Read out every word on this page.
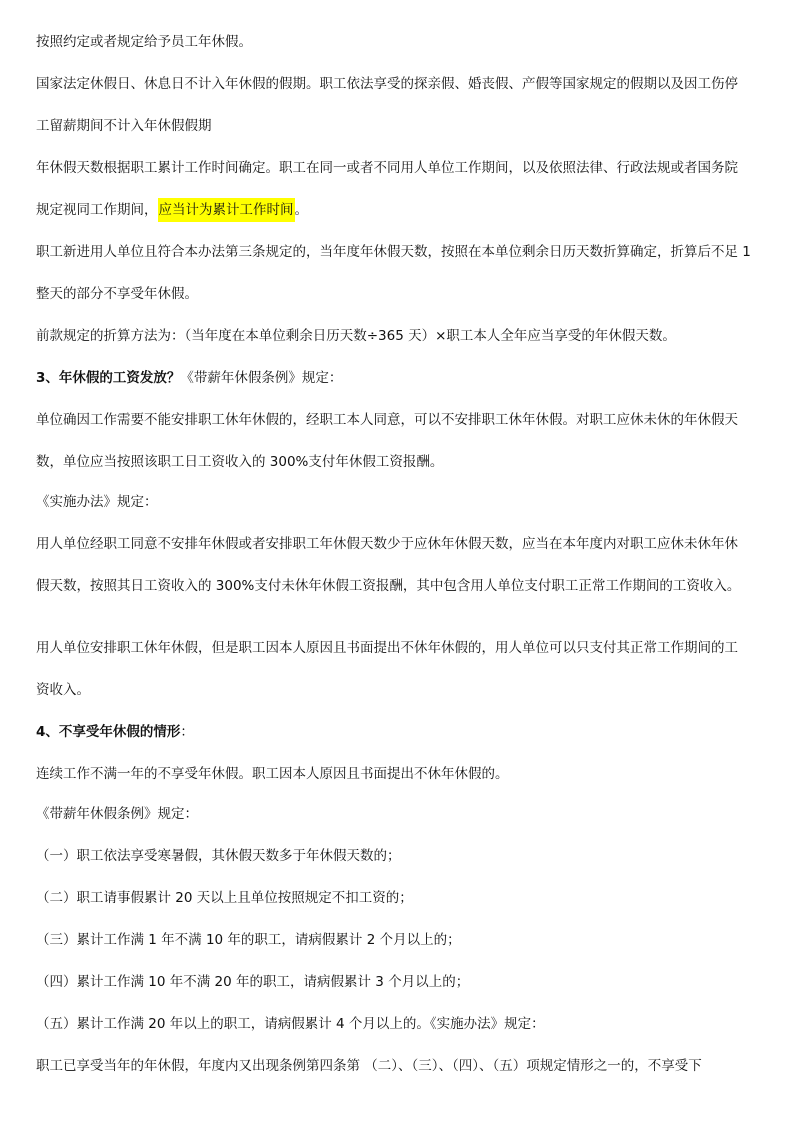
按照约定或者规定给予员工年休假。
国家法定休假日、休息日不计入年休假的假期。职工依法享受的探亲假、婚丧假、产假等国家规定的假期以及因工伤停
工留薪期间不计入年休假假期
年休假天数根据职工累计工作时间确定。职工在同一或者不同用人单位工作期间，以及依照法律、行政法规或者国务院
规定视同工作期间，应当计为累计工作时间。
职工新进用人单位且符合本办法第三条规定的，当年度年休假天数，按照在本单位剩余日历天数折算确定，折算后不足 1
整天的部分不享受年休假。
前款规定的折算方法为：（当年度在本单位剩余日历天数÷365 天）×职工本人全年应当享受的年休假天数。
3、年休假的工资发放？《带薪年休假条例》规定：
单位确因工作需要不能安排职工休年休假的，经职工本人同意，可以不安排职工休年休假。对职工应休未休的年休假天
数，单位应当按照该职工日工资收入的 300%支付年休假工资报酬。
《实施办法》规定：
用人单位经职工同意不安排年休假或者安排职工年休假天数少于应休年休假天数，应当在本年度内对职工应休未休年休
假天数，按照其日工资收入的 300%支付未休年休假工资报酬，其中包含用人单位支付职工正常工作期间的工资收入。
用人单位安排职工休年休假，但是职工因本人原因且书面提出不休年休假的，用人单位可以只支付其正常工作期间的工
资收入。
4、不享受年休假的情形：
连续工作不满一年的不享受年休假。职工因本人原因且书面提出不休年休假的。
《带薪年休假条例》规定：
（一）职工依法享受寒暑假，其休假天数多于年休假天数的；
（二）职工请事假累计 20 天以上且单位按照规定不扣工资的；
（三）累计工作满 1 年不满 10 年的职工，请病假累计 2 个月以上的；
（四）累计工作满 10 年不满 20 年的职工，请病假累计 3 个月以上的；
（五）累计工作满 20 年以上的职工，请病假累计 4 个月以上的。《实施办法》规定：
职工已享受当年的年休假，年度内又出现条例第四条第 （二）、（三）、（四）、（五）项规定情形之一的，不享受下
